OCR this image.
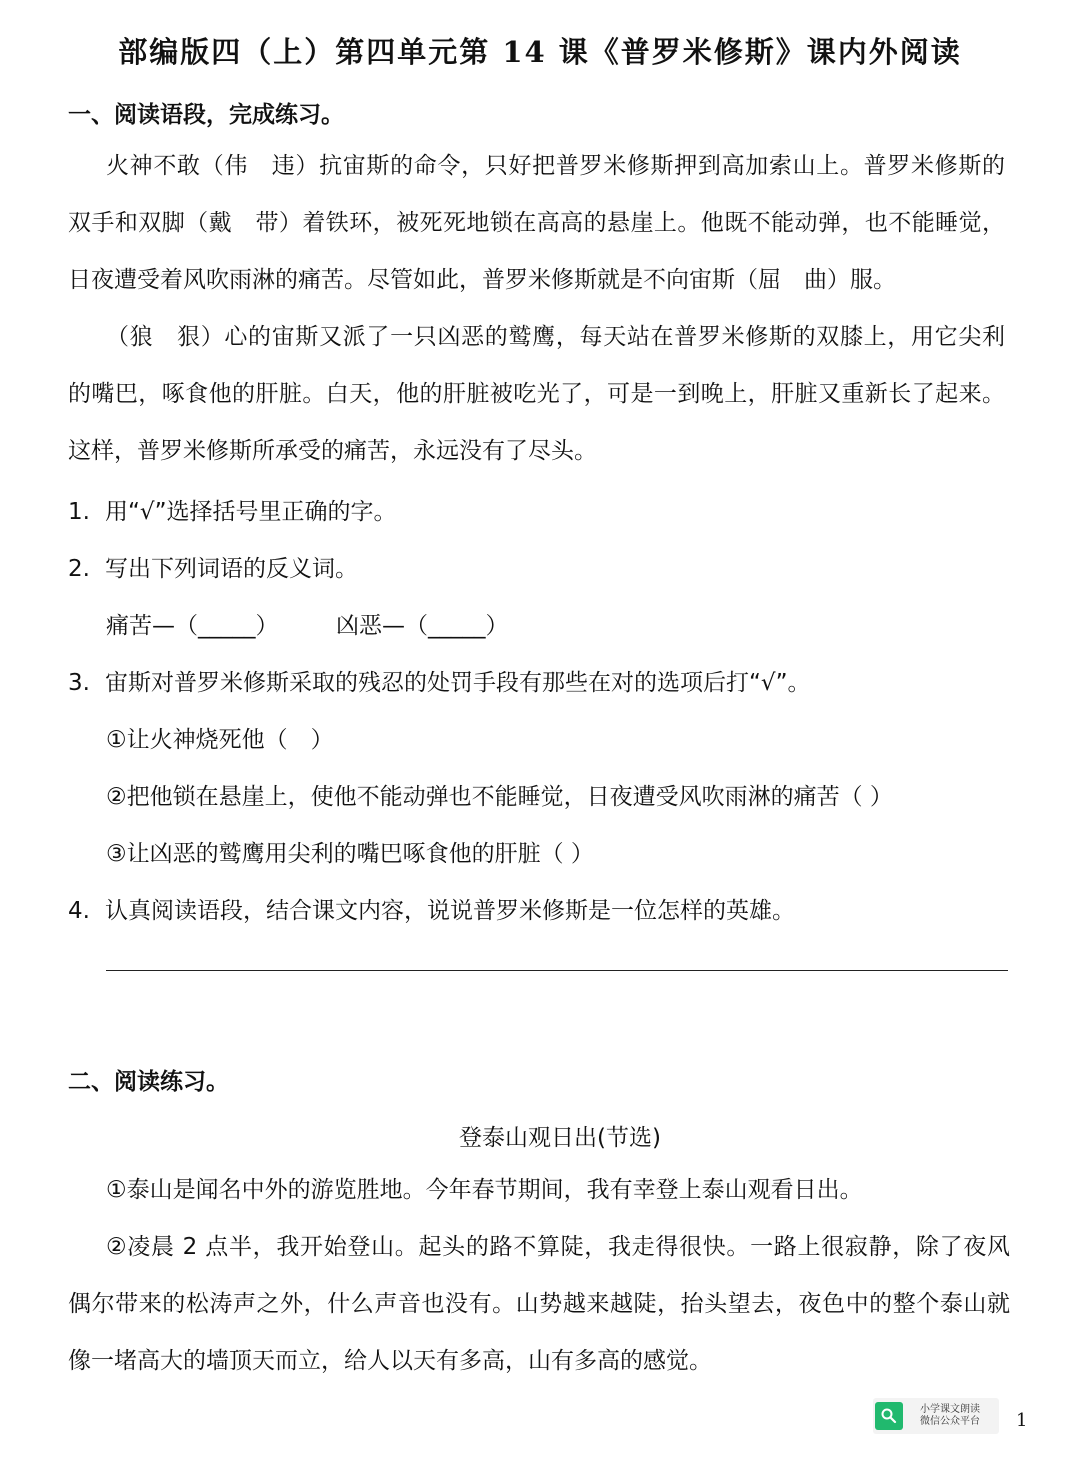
部编版四（上）第四单元第 14 课《普罗米修斯》课内外阅读
一、阅读语段，完成练习。
火神不敢（伟　违）抗宙斯的命令，只好把普罗米修斯押到高加索山上。普罗米修斯的
双手和双脚（戴　带）着铁环，被死死地锁在高高的悬崖上。他既不能动弹，也不能睡觉，
日夜遭受着风吹雨淋的痛苦。尽管如此，普罗米修斯就是不向宙斯（屈　曲）服。
（狼　狠）心的宙斯又派了一只凶恶的鹫鹰，每天站在普罗米修斯的双膝上，用它尖利
的嘴巴，啄食他的肝脏。白天，他的肝脏被吃光了，可是一到晚上，肝脏又重新长了起来。
这样，普罗米修斯所承受的痛苦，永远没有了尽头。
1. 用“√”选择括号里正确的字。
2. 写出下列词语的反义词。
痛苦—（_____）	凶恶—（_____）
3. 宙斯对普罗米修斯采取的残忍的处罚手段有那些在对的选项后打“√”。
①让火神烧死他（　）
②把他锁在悬崖上，使他不能动弹也不能睡觉，日夜遭受风吹雨淋的痛苦（ ）
③让凶恶的鹫鹰用尖利的嘴巴啄食他的肝脏（ ）
4. 认真阅读语段，结合课文内容，说说普罗米修斯是一位怎样的英雄。
二、阅读练习。
登泰山观日出(节选)
①泰山是闻名中外的游览胜地。今年春节期间，我有幸登上泰山观看日出。
②凌晨 2 点半，我开始登山。起头的路不算陡，我走得很快。一路上很寂静，除了夜风
偶尔带来的松涛声之外，什么声音也没有。山势越来越陡，抬头望去，夜色中的整个泰山就
像一堵高大的墙顶天而立，给人以天有多高，山有多高的感觉。
小学课文朗读
微信公众平台 1
